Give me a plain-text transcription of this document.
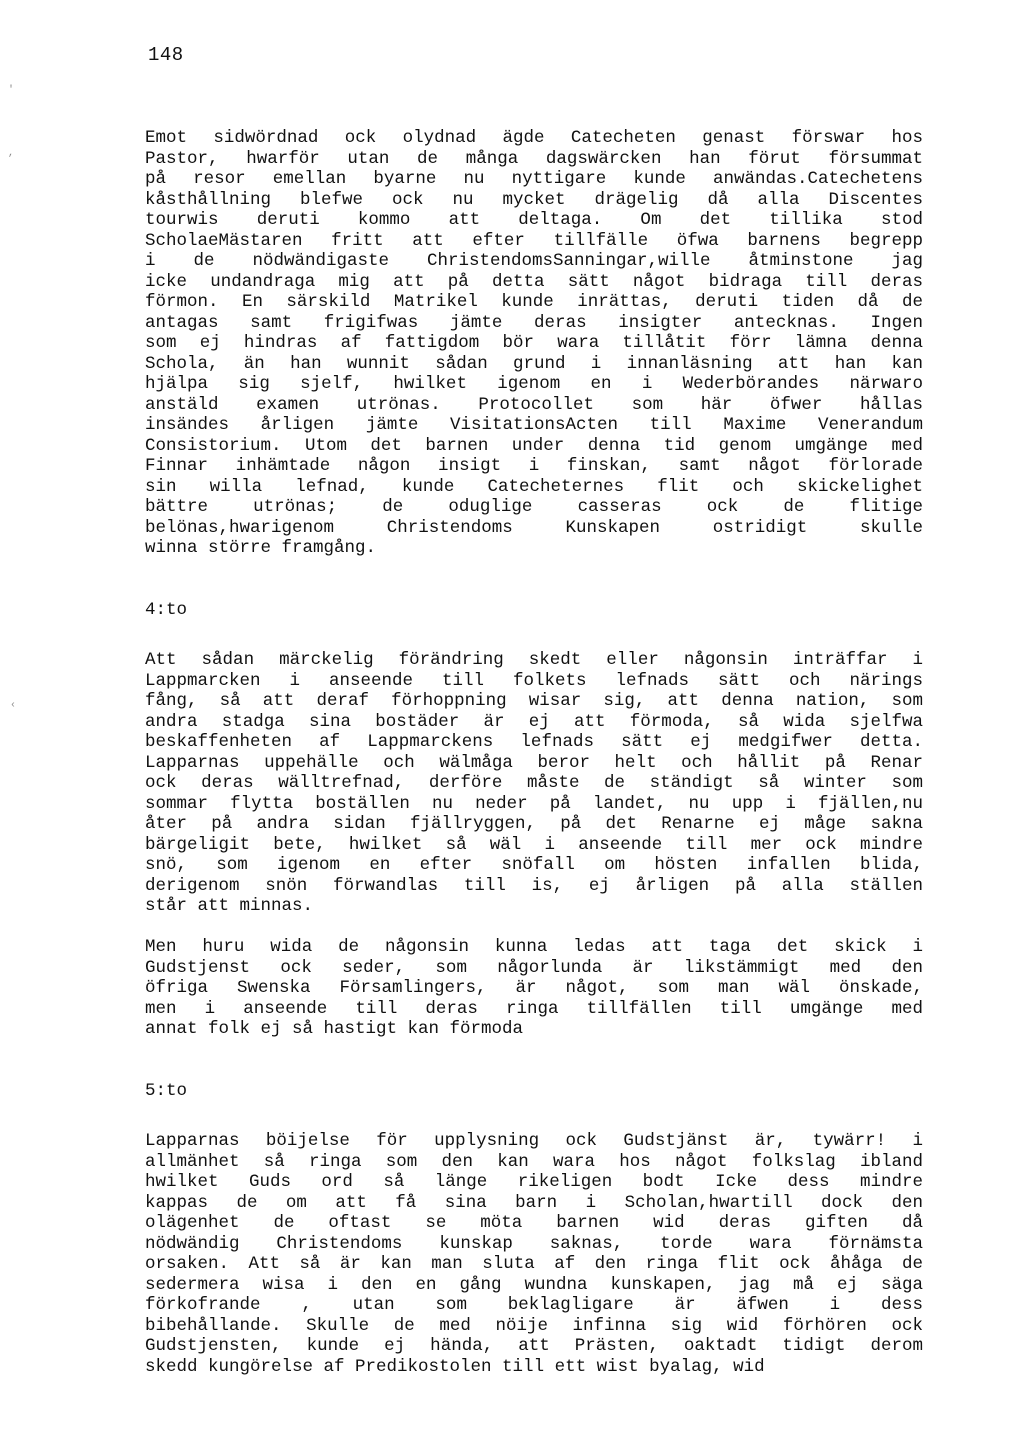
148
'
,
‹
Emot sidwördnad ock olydnad ägde Catecheten genast förswar hos
Pastor, hwarför utan de många dagswärcken han förut försummat
på resor emellan byarne nu nyttigare kunde anwändas.Catechetens
kåsthållning blefwe ock nu mycket drägelig då alla Discentes
tourwis deruti kommo att deltaga. Om det tillika stod
ScholaeMästaren fritt att efter tillfälle öfwa barnens begrepp
i de nödwändigaste ChristendomsSanningar,wille åtminstone jag
icke undandraga mig att på detta sätt något bidraga till deras
förmon. En särskild Matrikel kunde inrättas, deruti tiden då de
antagas samt frigifwas jämte deras insigter antecknas. Ingen
som ej hindras af fattigdom bör wara tillåtit förr lämna denna
Schola, än han wunnit sådan grund i innanläsning att han kan
hjälpa sig sjelf, hwilket igenom en i Wederbörandes närwaro
anstäld examen utrönas. Protocollet som här öfwer hållas
insändes årligen jämte VisitationsActen till Maxime Venerandum
Consistorium. Utom det barnen under denna tid genom umgänge med
Finnar inhämtade någon insigt i finskan, samt något förlorade
sin willa lefnad, kunde Catecheternes flit och skickelighet
bättre utrönas; de oduglige casseras ock de flitige
belönas,hwarigenom Christendoms Kunskapen ostridigt skulle
winna större framgång.
4:to
Att sådan märckelig förändring skedt eller någonsin inträffar i
Lappmarcken i anseende till folkets lefnads sätt och närings
fång, så att deraf förhoppning wisar sig, att denna nation, som
andra stadga sina bostäder är ej att förmoda, så wida sjelfwa
beskaffenheten af Lappmarckens lefnads sätt ej medgifwer detta.
Lapparnas uppehälle och wälmåga beror helt och hållit på Renar
ock deras wälltrefnad, derföre måste de ständigt så winter som
sommar flytta boställen nu neder på landet, nu upp i fjällen,nu
åter på andra sidan fjällryggen, på det Renarne ej måge sakna
bärgeligit bete, hwilket så wäl i anseende till mer ock mindre
snö, som igenom en efter snöfall om hösten infallen blida,
derigenom snön förwandlas till is, ej årligen på alla ställen
står att minnas.
Men huru wida de någonsin kunna ledas att taga det skick i
Gudstjenst ock seder, som någorlunda är likstämmigt med den
öfriga Swenska Församlingers, är något, som man wäl önskade,
men i anseende till deras ringa tillfällen till umgänge med
annat folk ej så hastigt kan förmoda
5:to
Lapparnas böijelse för upplysning ock Gudstjänst är, tywärr! i
allmänhet så ringa som den kan wara hos något folkslag ibland
hwilket Guds ord så länge rikeligen bodt Icke dess mindre
kappas de om att få sina barn i Scholan,hwartill dock den
olägenhet de oftast se möta barnen wid deras giften då
nödwändig Christendoms kunskap saknas, torde wara förnämsta
orsaken. Att så är kan man sluta af den ringa flit ock åhåga de
sedermera wisa i den en gång wundna kunskapen, jag må ej säga
förkofrande , utan som beklagligare är äfwen i dess
bibehållande. Skulle de med nöije infinna sig wid förhören ock
Gudstjensten, kunde ej hända, att Prästen, oaktadt tidigt derom
skedd kungörelse af Predikostolen till ett wist byalag, wid
